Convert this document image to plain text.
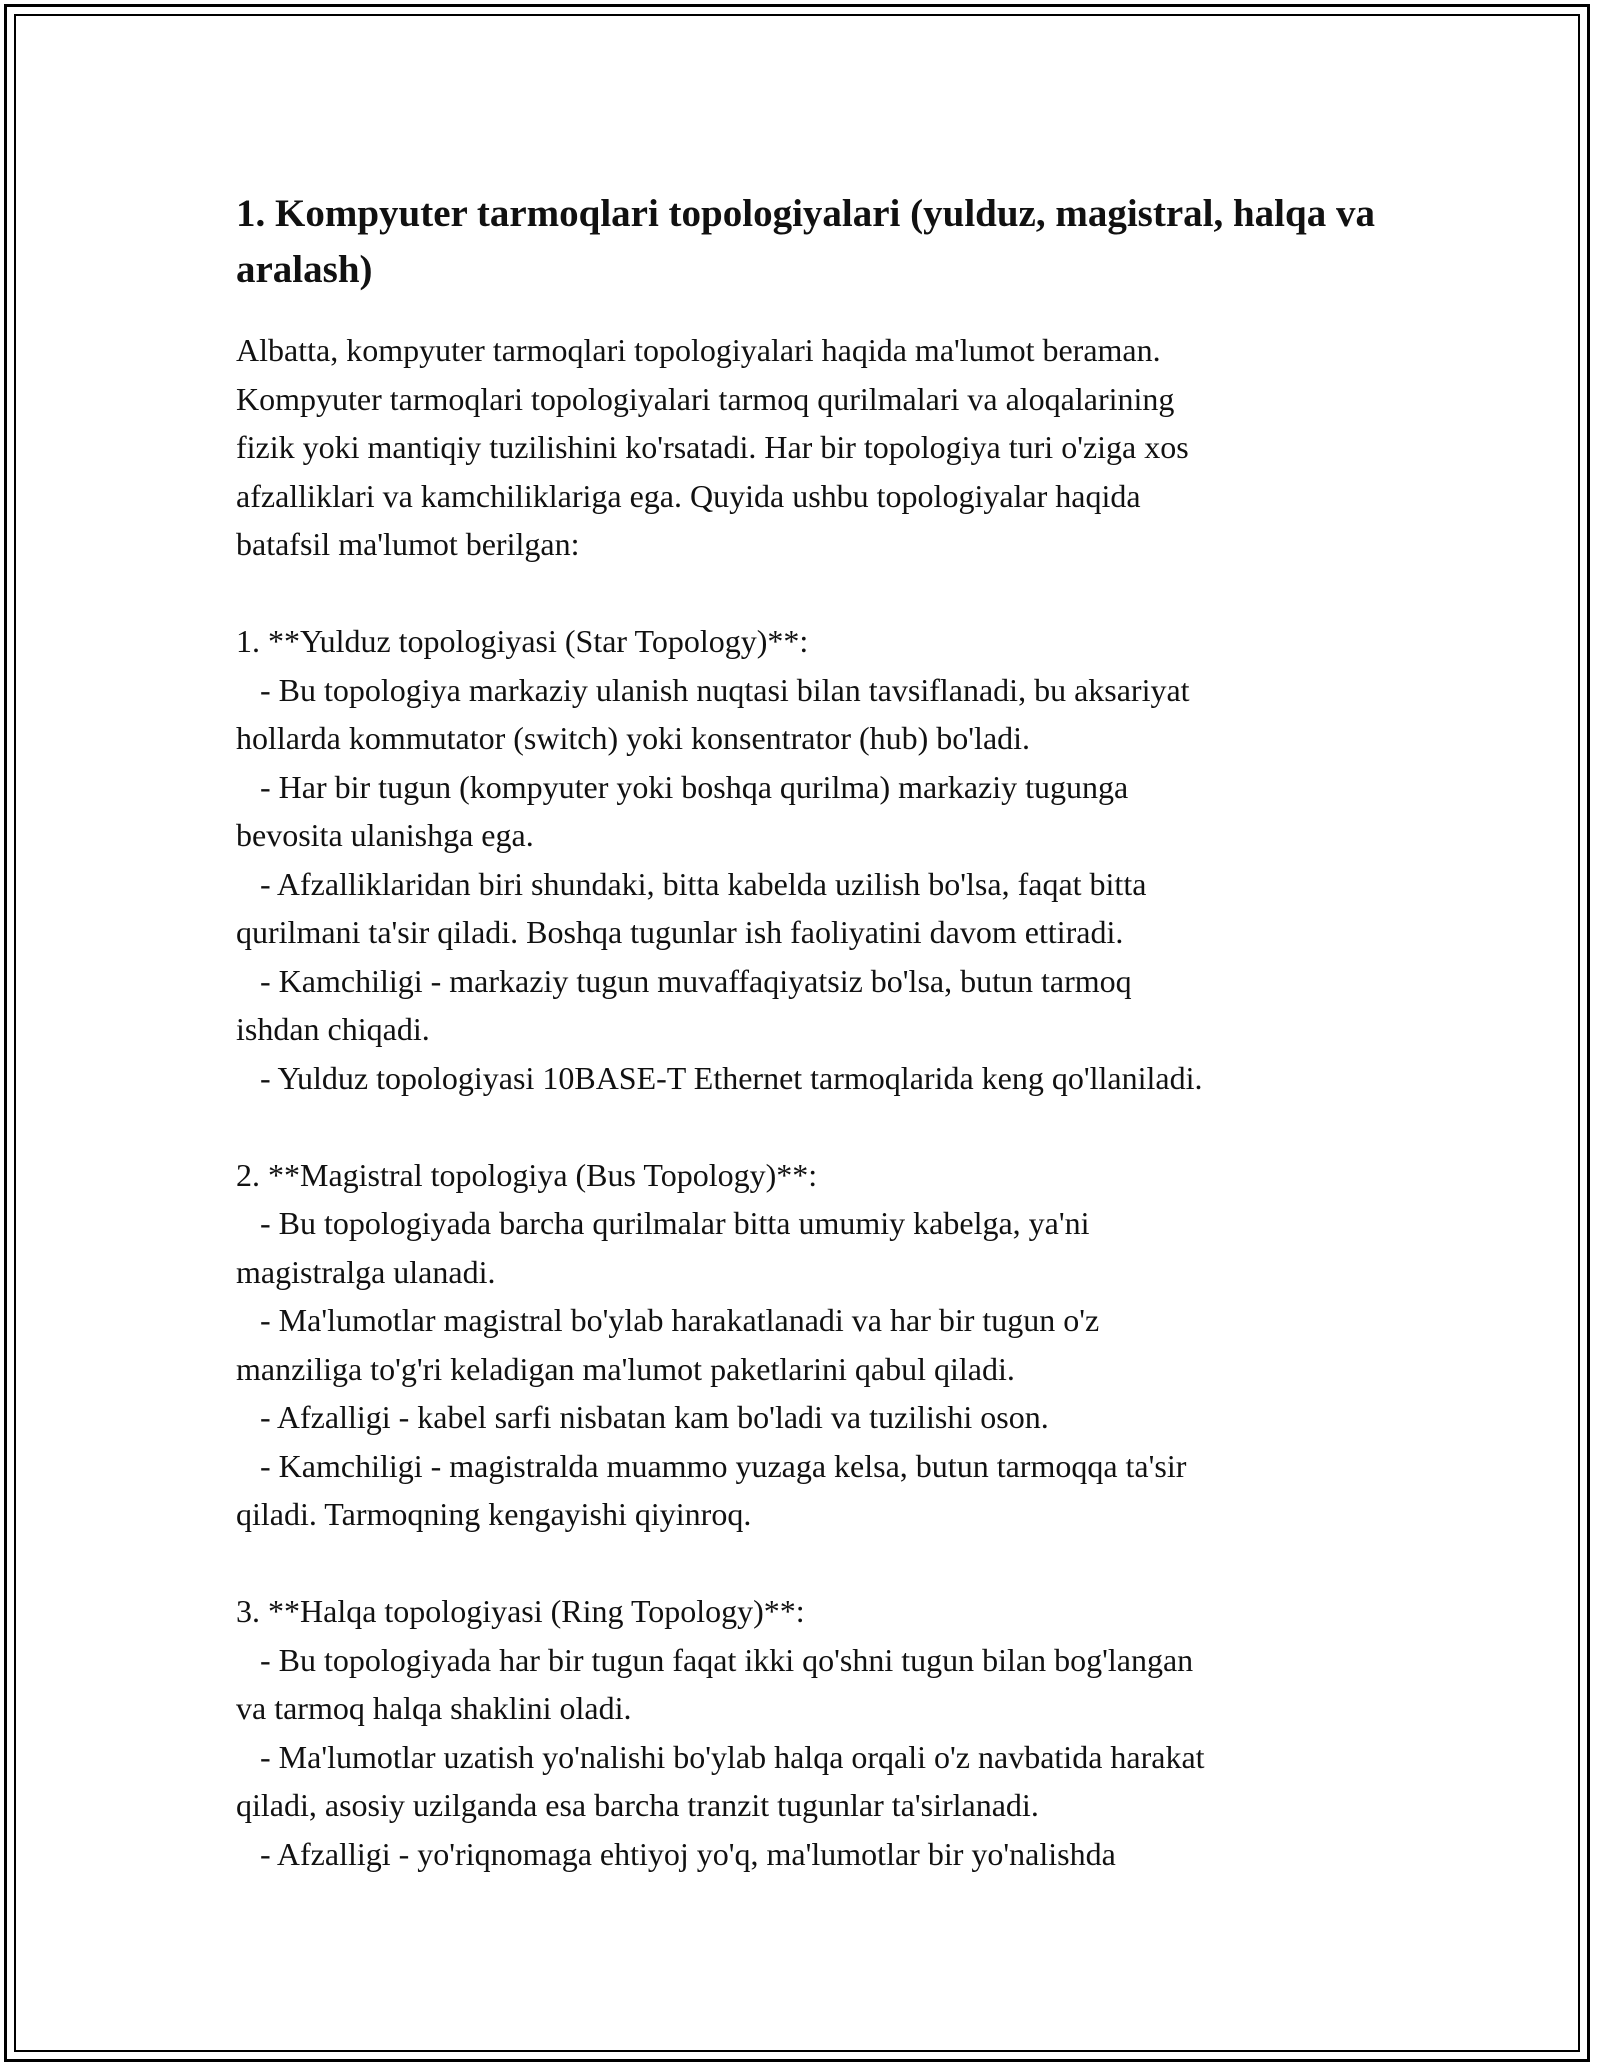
1. Kompyuter tarmoqlari topologiyalari (yulduz, magistral, halqa va aralash)
Albatta, kompyuter tarmoqlari topologiyalari haqida ma'lumot beraman.
Kompyuter tarmoqlari topologiyalari tarmoq qurilmalari va aloqalarining
fizik yoki mantiqiy tuzilishini ko'rsatadi. Har bir topologiya turi o'ziga xos
afzalliklari va kamchiliklariga ega. Quyida ushbu topologiyalar haqida
batafsil ma'lumot berilgan:
1. **Yulduz topologiyasi (Star Topology)**:
- Bu topologiya markaziy ulanish nuqtasi bilan tavsiflanadi, bu aksariyat
hollarda kommutator (switch) yoki konsentrator (hub) bo'ladi.
- Har bir tugun (kompyuter yoki boshqa qurilma) markaziy tugunga
bevosita ulanishga ega.
- Afzalliklaridan biri shundaki, bitta kabelda uzilish bo'lsa, faqat bitta
qurilmani ta'sir qiladi. Boshqa tugunlar ish faoliyatini davom ettiradi.
- Kamchiligi - markaziy tugun muvaffaqiyatsiz bo'lsa, butun tarmoq
ishdan chiqadi.
- Yulduz topologiyasi 10BASE-T Ethernet tarmoqlarida keng qo'llaniladi.
2. **Magistral topologiya (Bus Topology)**:
- Bu topologiyada barcha qurilmalar bitta umumiy kabelga, ya'ni
magistralga ulanadi.
- Ma'lumotlar magistral bo'ylab harakatlanadi va har bir tugun o'z
manziliga to'g'ri keladigan ma'lumot paketlarini qabul qiladi.
- Afzalligi - kabel sarfi nisbatan kam bo'ladi va tuzilishi oson.
- Kamchiligi - magistralda muammo yuzaga kelsa, butun tarmoqqa ta'sir
qiladi. Tarmoqning kengayishi qiyinroq.
3. **Halqa topologiyasi (Ring Topology)**:
- Bu topologiyada har bir tugun faqat ikki qo'shni tugun bilan bog'langan
va tarmoq halqa shaklini oladi.
- Ma'lumotlar uzatish yo'nalishi bo'ylab halqa orqali o'z navbatida harakat
qiladi, asosiy uzilganda esa barcha tranzit tugunlar ta'sirlanadi.
- Afzalligi - yo'riqnomaga ehtiyoj yo'q, ma'lumotlar bir yo'nalishda
